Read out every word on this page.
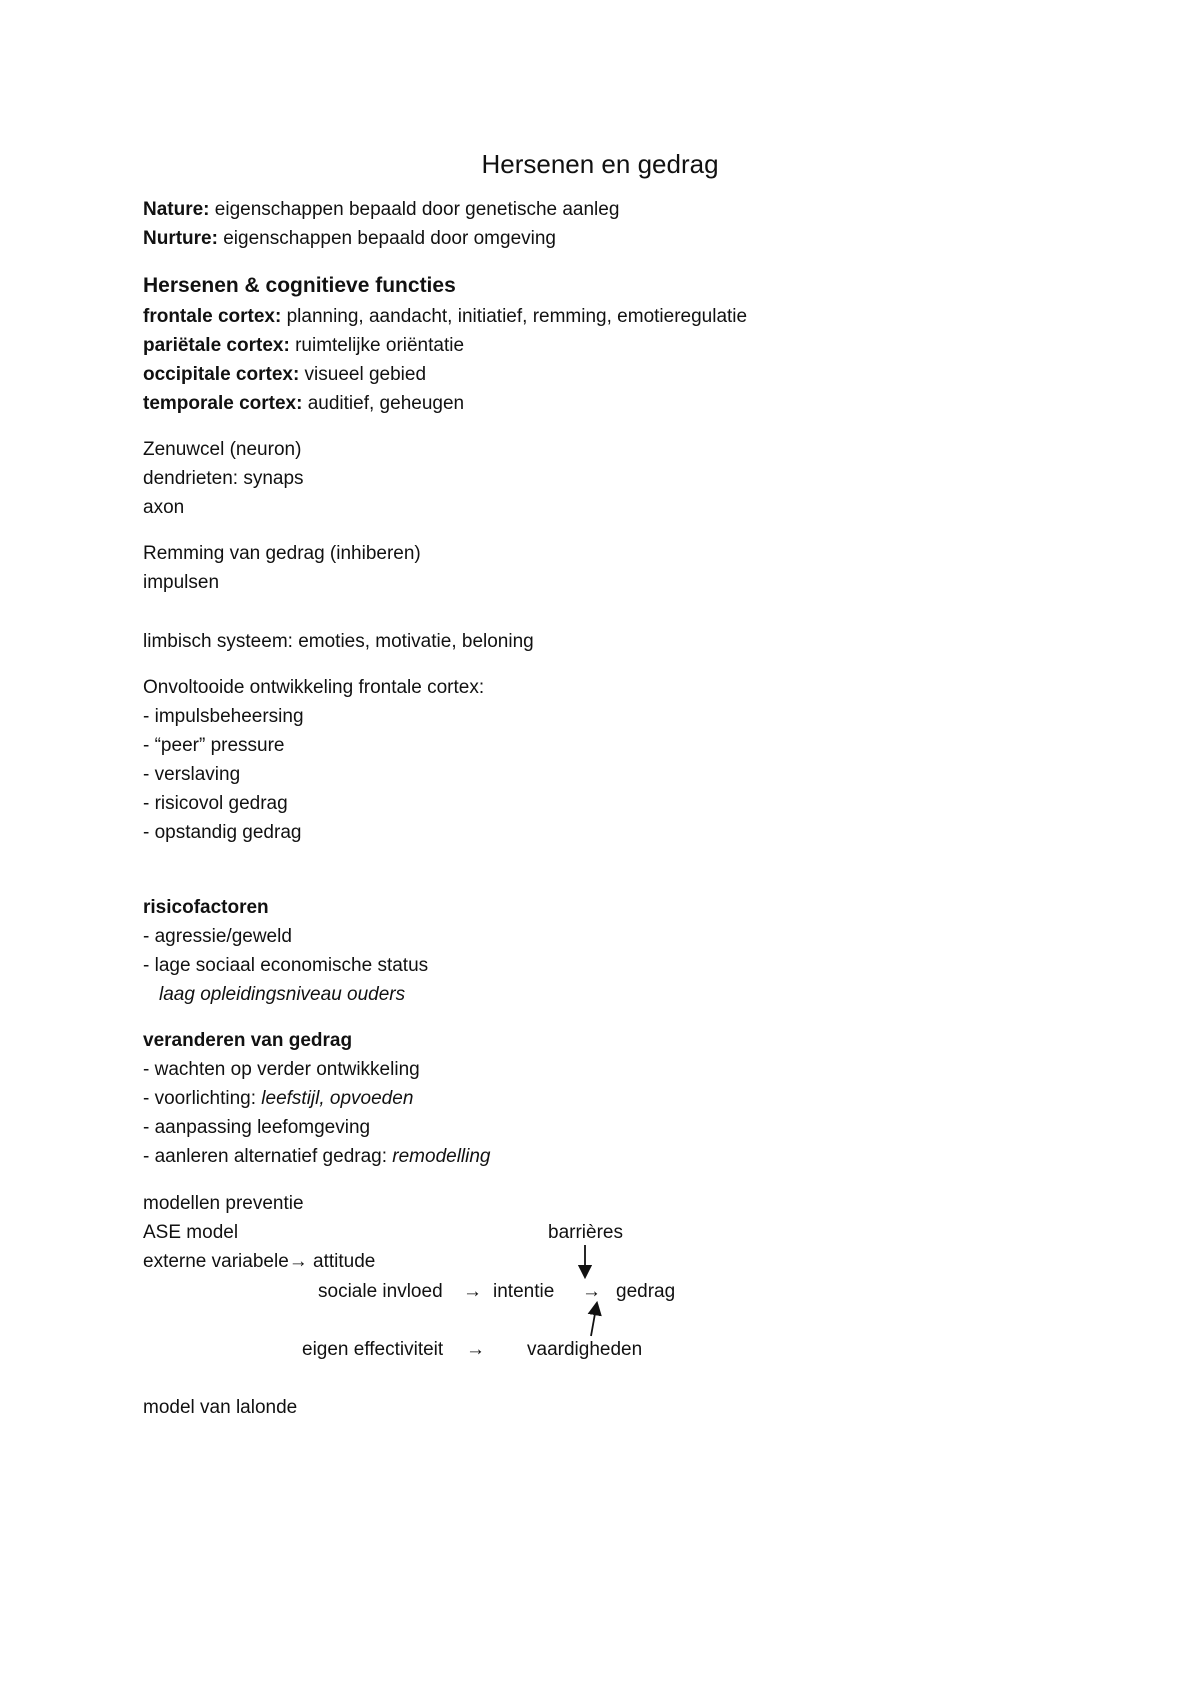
Hersenen en gedrag
Nature: eigenschappen bepaald door genetische aanleg
Nurture: eigenschappen bepaald door omgeving
Hersenen & cognitieve functies
frontale cortex: planning, aandacht, initiatief, remming, emotieregulatie
pariëtale cortex: ruimtelijke oriëntatie
occipitale cortex: visueel gebied
temporale cortex: auditief, geheugen
Zenuwcel (neuron)
dendrieten: synaps
axon
Remming van gedrag (inhiberen)
impulsen
limbisch systeem: emoties, motivatie, beloning
Onvoltooide ontwikkeling frontale cortex:
- impulsbeheersing
- “peer” pressure
- verslaving
- risicovol gedrag
- opstandig gedrag
risicofactoren
- agressie/geweld
- lage sociaal economische status
laag opleidingsniveau ouders
veranderen van gedrag
- wachten op verder ontwikkeling
- voorlichting: leefstijl, opvoeden
- aanpassing leefomgeving
- aanleren alternatief gedrag: remodelling
modellen preventie
ASE model	barrières
externe variabele→ attitude
sociale invloed → intentie → gedrag
eigen effectiviteit → vaardigheden
model van lalonde
